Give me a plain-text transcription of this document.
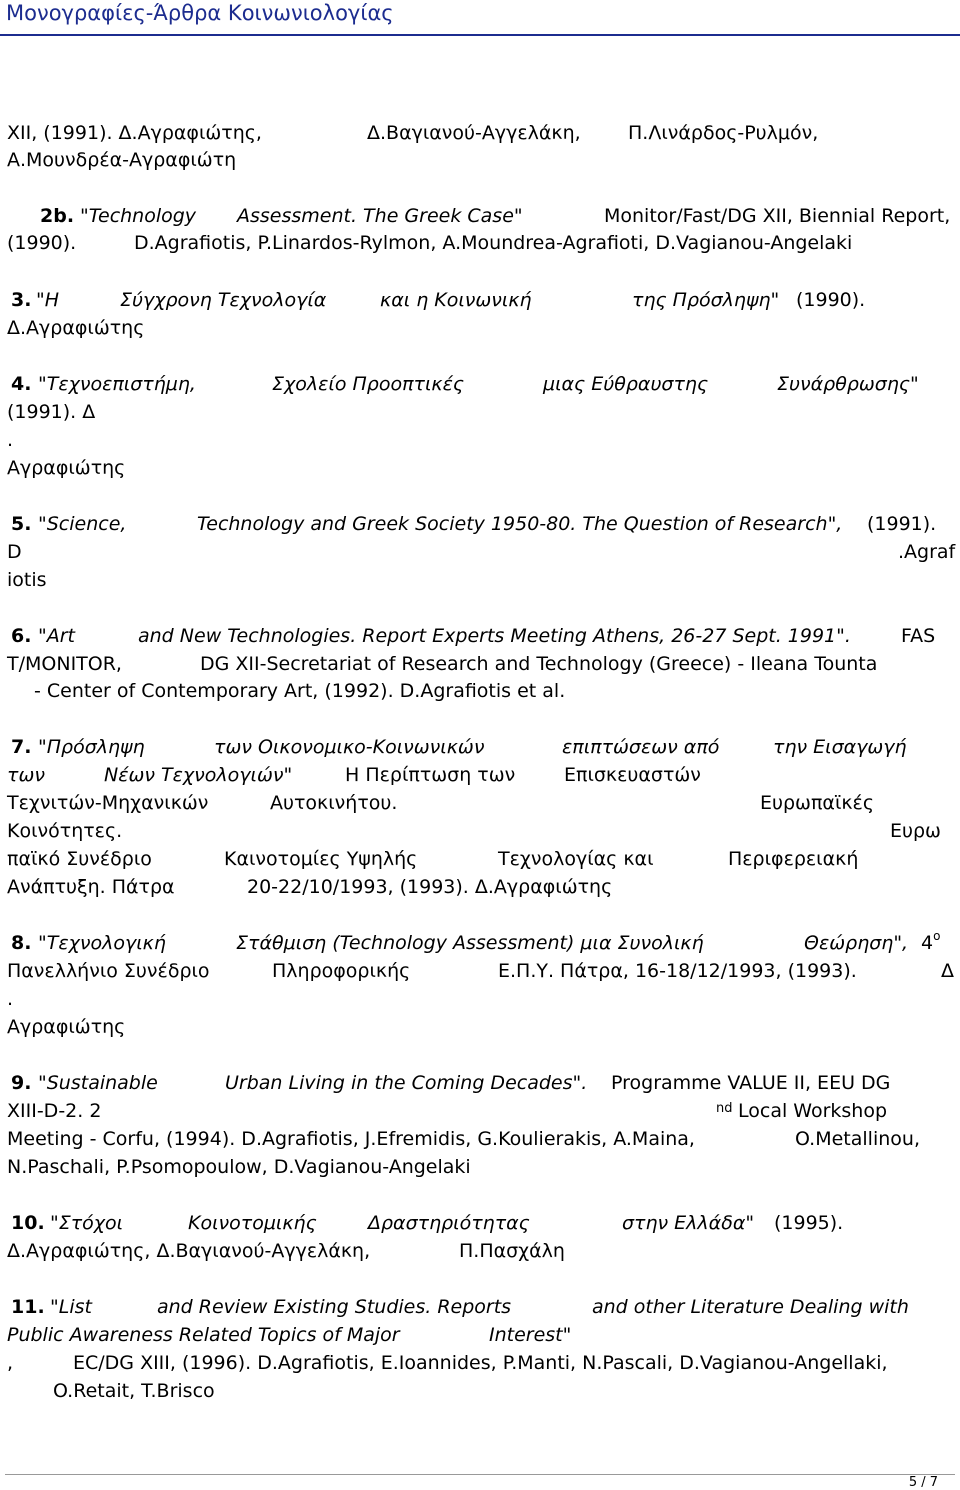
Μονογραφίες-Άρθρα Κοινωνιολογίας
XII, (1991). Δ.Αγραφιώτης,	Δ.Βαγιανού-Αγγελάκη, Π.Λινάρδος-Ρυλμόν,
Α.Μουνδρέα-Αγραφιώτη
2b. "Technology Assessment. The Greek Case"	Monitor/Fast/DG XII, Biennial Report,
(1990).	D.Agrafiotis, P.Linardos-Rylmon, A.Moundrea-Agrafioti, D.Vagianou-Angelaki
3. "Η	Σύγχρονη Τεχνολογία	και η Κοινωνική	της Πρόσληψη" (1990).
Δ.Αγραφιώτης
4. "Τεχνοεπιστήμη,	Σχολείο Προοπτικές	μιας Εύθραυστης	Συνάρθρωσης"
(1991). Δ
.
Αγραφιώτης
5. "Science,	Technology and Greek Society 1950-80. The Question of Research", (1991).
D	.Agraf
iotis
6. "Art	and New Technologies. Report Experts Meeting Athens, 26-27 Sept. 1991".	FAS
T/MONITOR,	DG XII-Secretariat of Research and Technology (Greece) - Ileana Tounta
- Center of Contemporary Art, (1992). D.Agrafiotis et al.
7. "Πρόσληψη	των Οικονομικο-Κοινωνικών	επιπτώσεων από	την Εισαγωγή
των	Νέων Τεχνολογιών"	Η Περίπτωση των	Επισκευαστών
Τεχνιτών-Μηχανικών	Αυτοκινήτου.	Ευρωπαϊκές
Κοινότητες.	Ευρω
παϊκό Συνέδριο	Καινοτομίες Υψηλής	Τεχνολογίας και	Περιφερειακή
Ανάπτυξη. Πάτρα	20-22/10/1993, (1993). Δ.Αγραφιώτης
8. "Τεχνολογική	Στάθμιση (Technology Assessment) μια Συνολική	Θεώρηση", $4^o$
Πανελλήνιο Συνέδριο	Πληροφορικής	Ε.Π.Υ. Πάτρα, 16-18/12/1993, (1993).	Δ
.
Αγραφιώτης
9. "Sustainable	Urban Living in the Coming Decades". Programme VALUE II, EEU DG
XIII-D-2. 2	nd Local Workshop
Meeting - Corfu, (1994). D.Agrafiotis, J.Efremidis, G.Koulierakis, A.Maina,	O.Metallinou,
N.Paschali, P.Psomopoulow, D.Vagianou-Angelaki
10. "Στόχοι	Κοινοτομικής	Δραστηριότητας	στην Ελλάδα" (1995).
Δ.Αγραφιώτης, Δ.Βαγιανού-Αγγελάκη,	Π.Πασχάλη
11. "List	and Review Existing Studies. Reports	and other Literature Dealing with
Public Awareness Related Topics of Major	Interest"
,	EC/DG XIII, (1996). D.Agrafiotis, E.Ioannides, P.Manti, N.Pascali, D.Vagianou-Angellaki,
O.Retait, T.Brisco
5 / 7
